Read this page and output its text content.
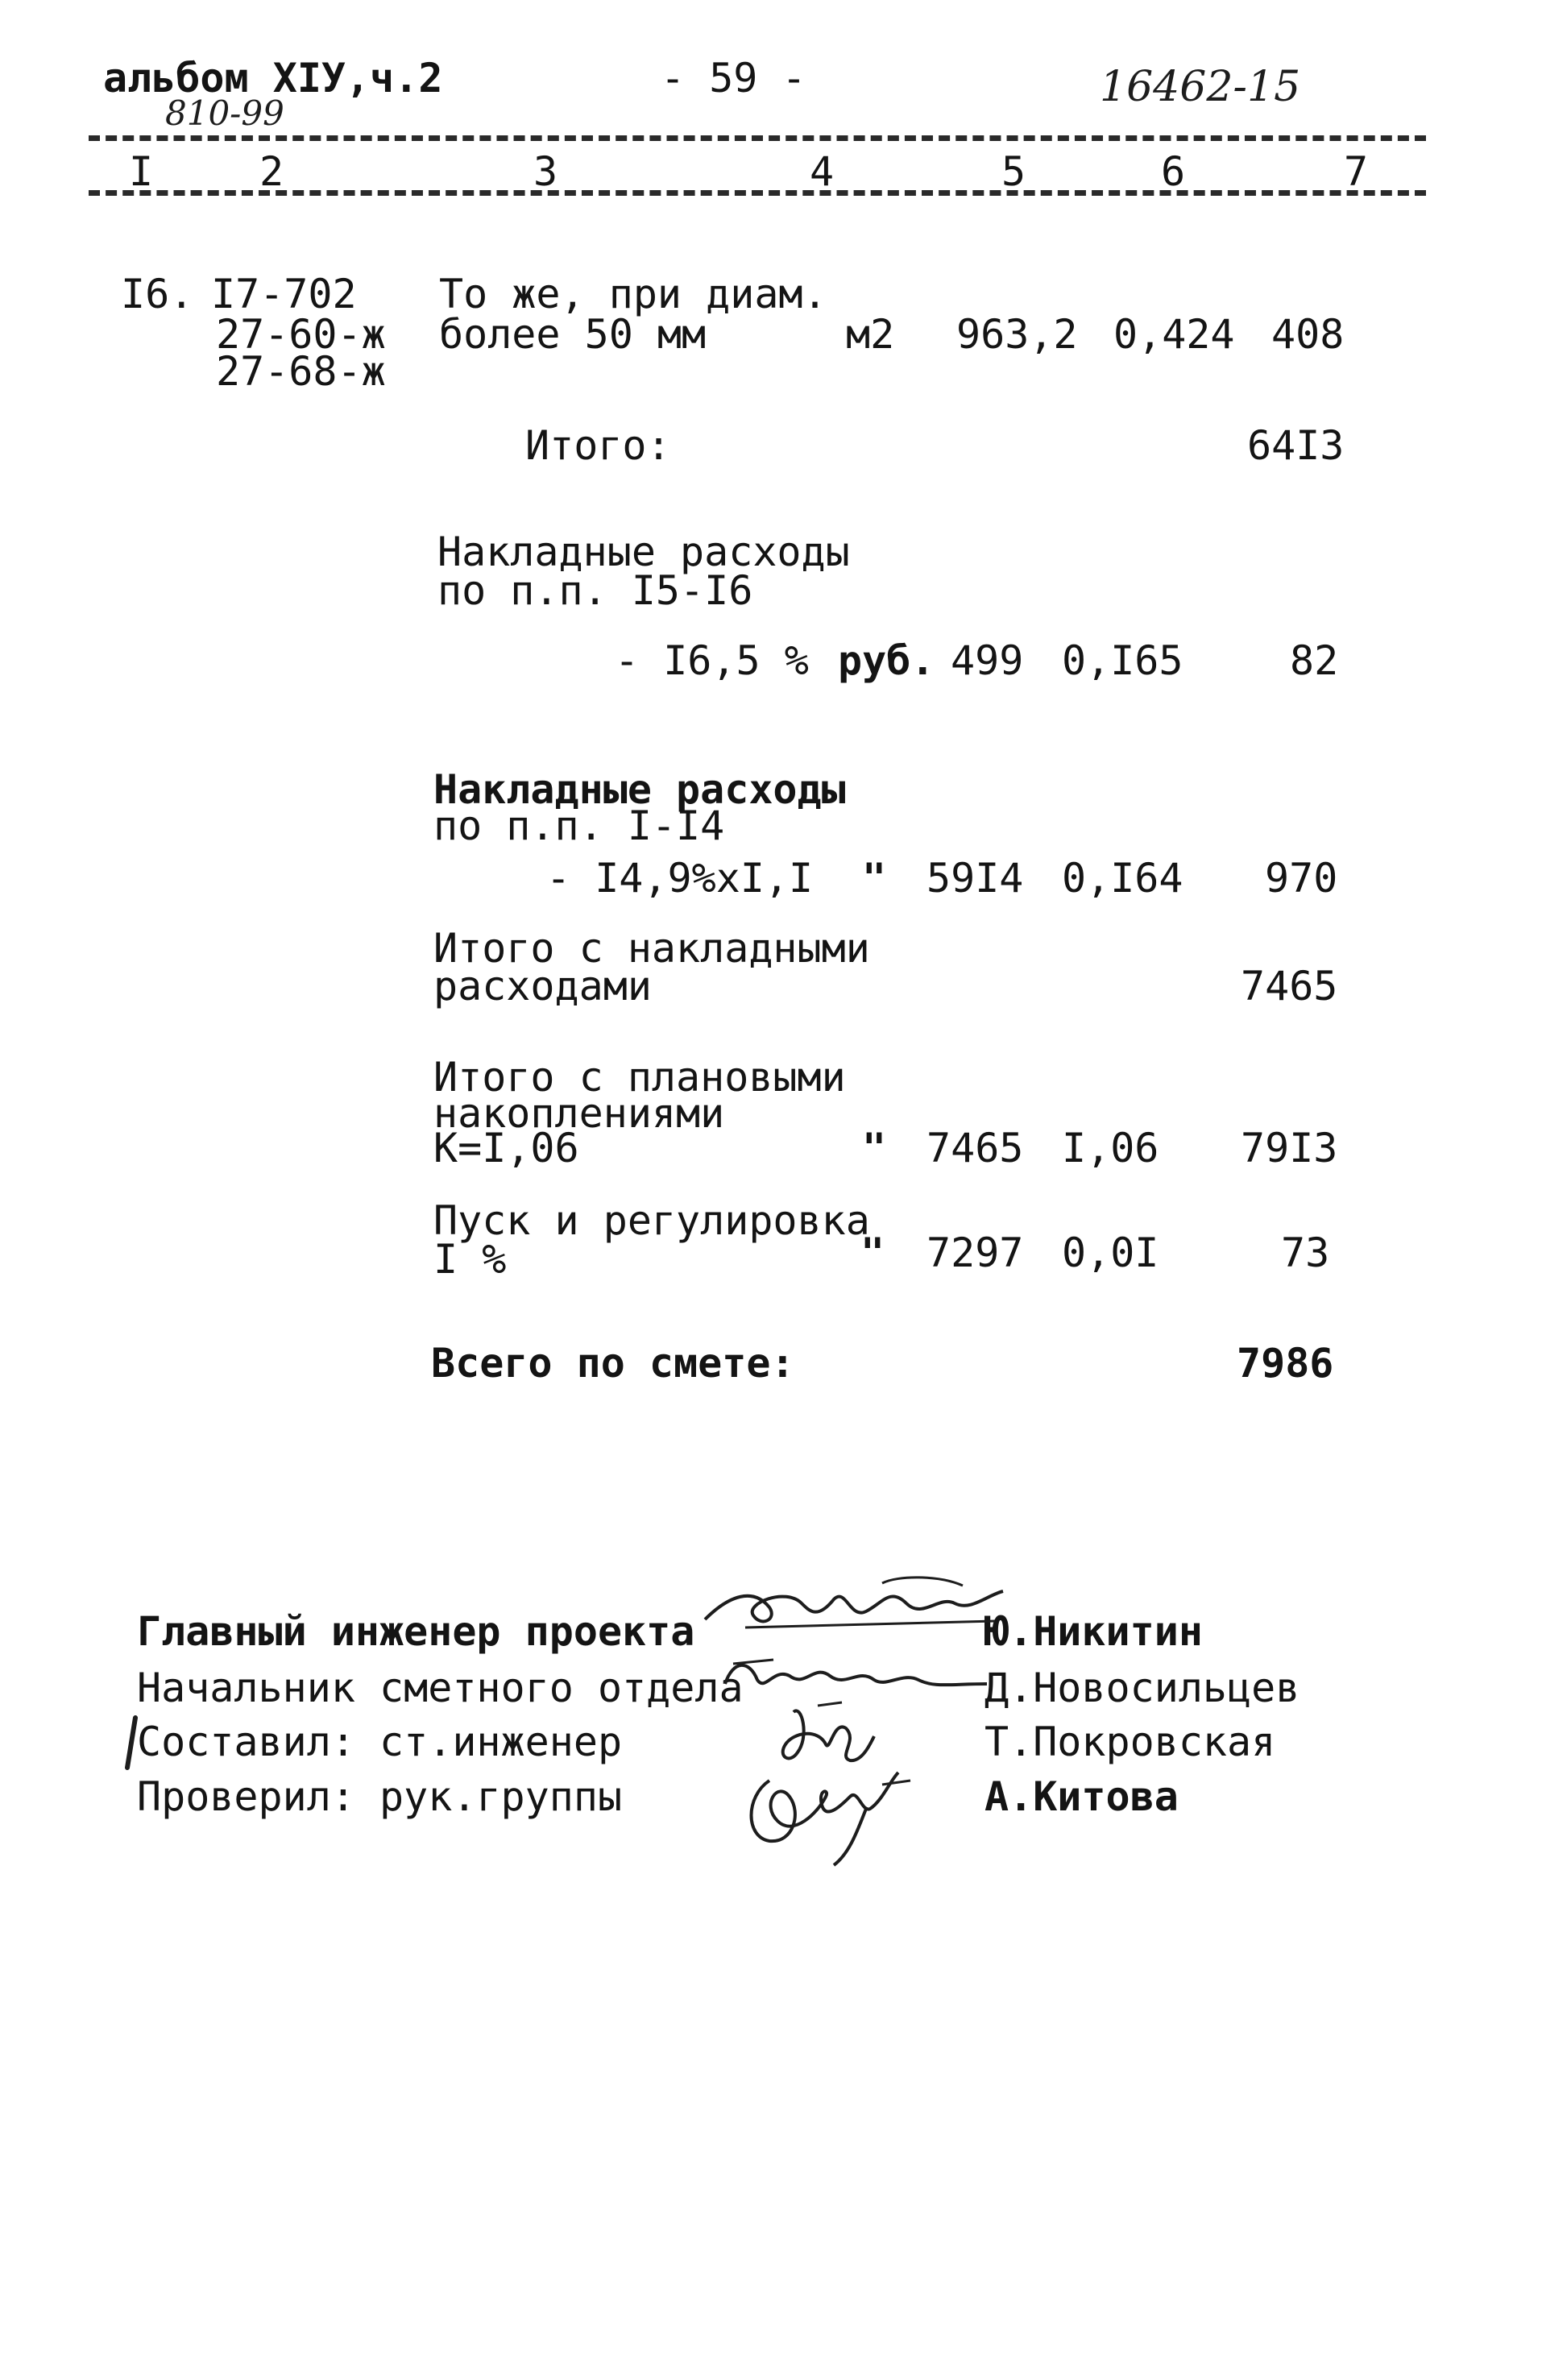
альбом XIУ,ч.2
810-99
- 59 -	16462-15
I	2	3	4	5	6	7
I6. I7-702
27-60-ж
27-68-ж
То же, при диам.
более 50 мм	м2 963,2 0,424 408
Итого:	64I3
Накладные расходы
по п.п. I5-I6
- I6,5 % руб. 499 0,I65	82
Накладные расходы
по п.п. I-I4
- I4,9%xI,I " 59I4 0,I64 970
Итого с накладными
расходами	7465
Итого с плановыми
накоплениями
K=I,06	" 7465 I,06 79I3
Пуск и регулировка
I %	" 7297 0,0I	73
Всего по смете:	7986
Главный инженер проекта	Ю.Никитин
Начальник сметного отдела	Д.Новосильцев
Составил: ст.инженер	Т.Покровская
Проверил: рук.группы	А.Китова
